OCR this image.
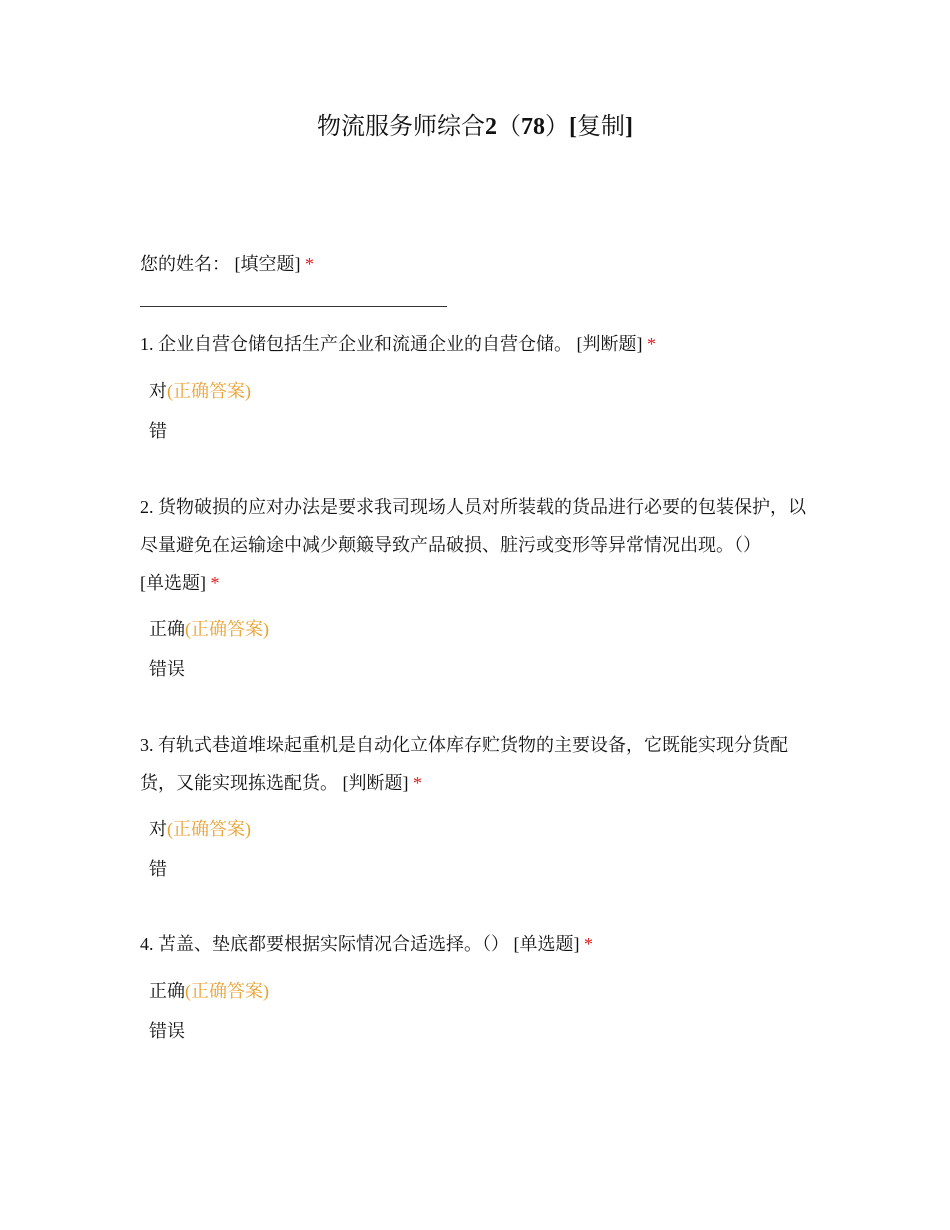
物流服务师综合2（78）[复制]
您的姓名： [填空题] *
1. 企业自营仓储包括生产企业和流通企业的自营仓储。 [判断题] *
对(正确答案)
错
2. 货物破损的应对办法是要求我司现场人员对所装载的货品进行必要的包装保护，以尽量避免在运输途中减少颠簸导致产品破损、脏污或变形等异常情况出现。（）
[单选题] *
正确(正确答案)
错误
3. 有轨式巷道堆垛起重机是自动化立体库存贮货物的主要设备，它既能实现分货配货，又能实现拣选配货。 [判断题] *
对(正确答案)
错
4. 苫盖、垫底都要根据实际情况合适选择。（） [单选题] *
正确(正确答案)
错误
